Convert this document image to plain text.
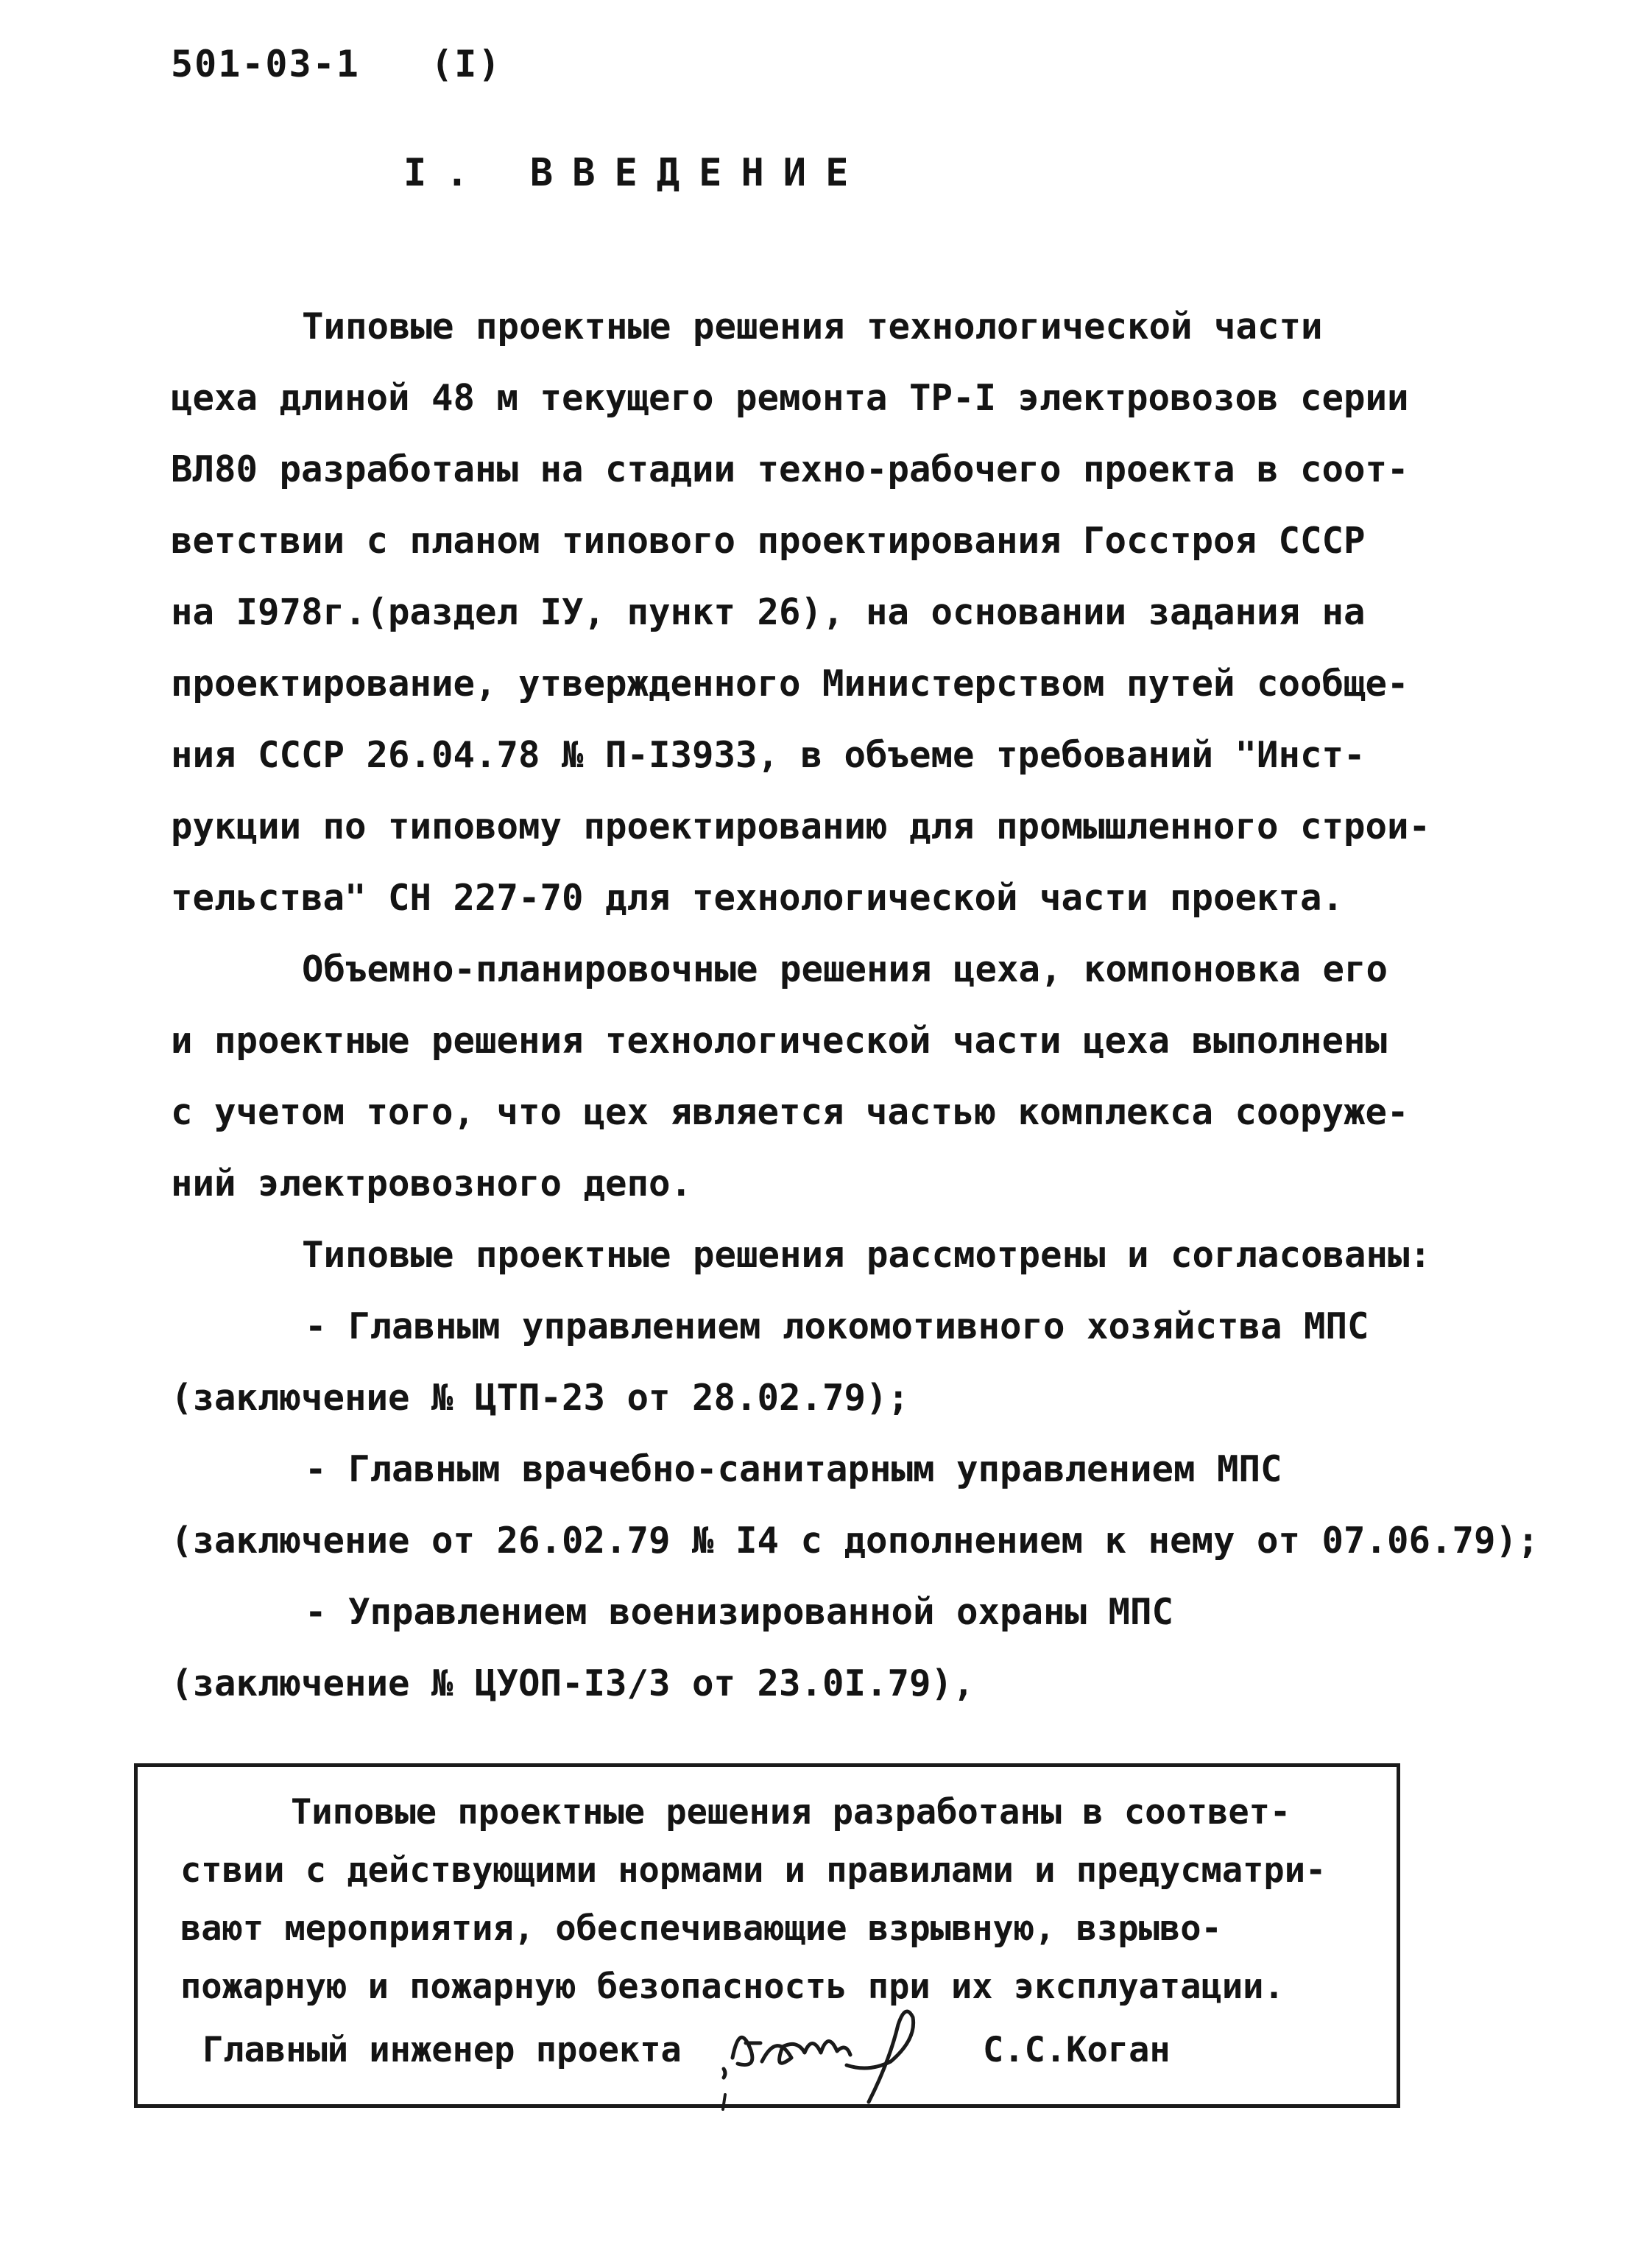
501-03-1 (I)
I. ВВЕДЕНИЕ
Типовые проектные решения технологической части
цеха длиной 48 м текущего ремонта ТР-I электровозов серии
ВЛ80 разработаны на стадии техно-рабочего проекта в соот-
ветствии с планом типового проектирования Госстроя СССР
на I978г.(раздел IУ, пункт 26), на основании задания на
проектирование, утвержденного Министерством путей сообще-
ния СССР 26.04.78 № П-I3933, в объеме требований "Инст-
рукции по типовому проектированию для промышленного строи-
тельства" СН 227-70 для технологической части проекта.
Объемно-планировочные решения цеха, компоновка его
и проектные решения технологической части цеха выполнены
с учетом того, что цех является частью комплекса сооруже-
ний электровозного депо.
Типовые проектные решения рассмотрены и согласованы:
- Главным управлением локомотивного хозяйства МПС
(заключение № ЦТП-23 от 28.02.79);
- Главным врачебно-санитарным управлением МПС
(заключение от 26.02.79 № I4 с дополнением к нему от 07.06.79);
- Управлением военизированной охраны МПС
(заключение № ЦУОП-I3/3 от 23.0I.79),
Типовые проектные решения разработаны в соответ-
ствии с действующими нормами и правилами и предусматри-
вают мероприятия, обеспечивающие взрывную, взрыво-
пожарную и пожарную безопасность при их эксплуатации.
Главный инженер проекта	С.С.Коган
